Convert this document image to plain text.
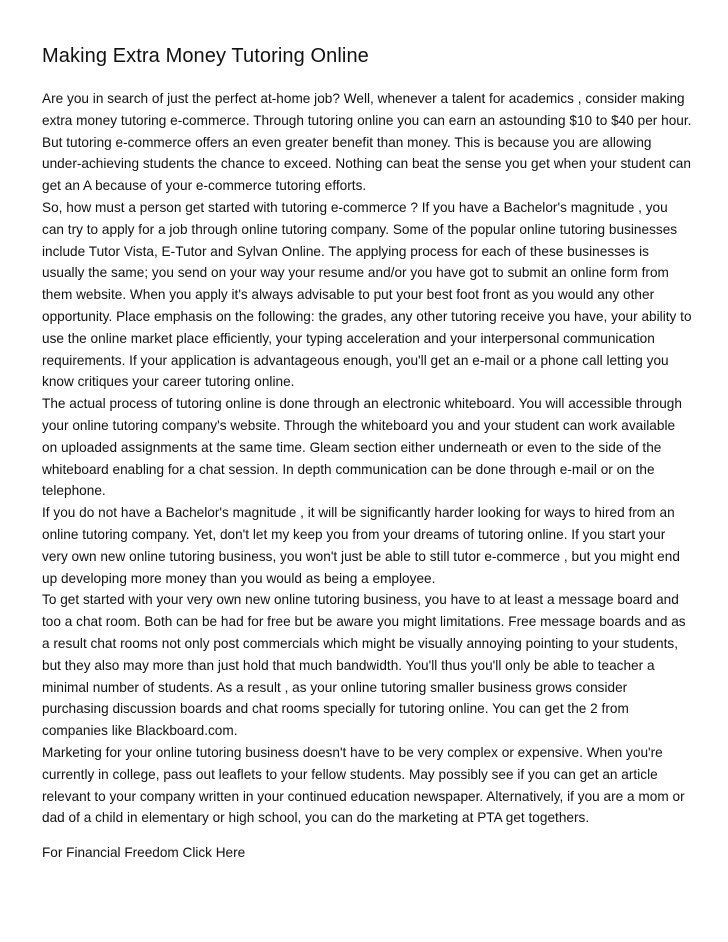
Making Extra Money Tutoring Online

Are you in search of just the perfect at-home job? Well, whenever a talent for academics , consider making extra money tutoring e-commerce. Through tutoring online you can earn an astounding $10 to $40 per hour. But tutoring e-commerce offers an even greater benefit than money. This is because you are allowing under-achieving students the chance to exceed. Nothing can beat the sense you get when your student can get an A because of your e-commerce tutoring efforts.

So, how must a person get started with tutoring e-commerce ? If you have a Bachelor's magnitude , you can try to apply for a job through online tutoring company. Some of the popular online tutoring businesses include Tutor Vista, E-Tutor and Sylvan Online. The applying process for each of these businesses is usually the same; you send on your way your resume and/or you have got to submit an online form from them website. When you apply it's always advisable to put your best foot front as you would any other opportunity. Place emphasis on the following: the grades, any other tutoring receive you have, your ability to use the online market place efficiently, your typing acceleration and your interpersonal communication requirements. If your application is advantageous enough, you'll get an e-mail or a phone call letting you know critiques your career tutoring online.

The actual process of tutoring online is done through an electronic whiteboard. You will accessible through your online tutoring company's website. Through the whiteboard you and your student can work available on uploaded assignments at the same time. Gleam section either underneath or even to the side of the whiteboard enabling for a chat session. In depth communication can be done through e-mail or on the telephone.

If you do not have a Bachelor's magnitude , it will be significantly harder looking for ways to hired from an online tutoring company. Yet, don't let my keep you from your dreams of tutoring online. If you start your very own new online tutoring business, you won't just be able to still tutor e-commerce , but you might end up developing more money than you would as being a employee.

To get started with your very own new online tutoring business, you have to at least a message board and too a chat room. Both can be had for free but be aware you might limitations. Free message boards and as a result chat rooms not only post commercials which might be visually annoying pointing to your students, but they also may more than just hold that much bandwidth. You'll thus you'll only be able to teacher a minimal number of students. As a result , as your online tutoring smaller business grows consider purchasing discussion boards and chat rooms specially for tutoring online. You can get the 2 from companies like Blackboard.com.

Marketing for your online tutoring business doesn't have to be very complex or expensive. When you're currently in college, pass out leaflets to your fellow students. May possibly see if you can get an article relevant to your company written in your continued education newspaper. Alternatively, if you are a mom or dad of a child in elementary or high school, you can do the marketing at PTA get togethers.

For Financial Freedom Click Here
